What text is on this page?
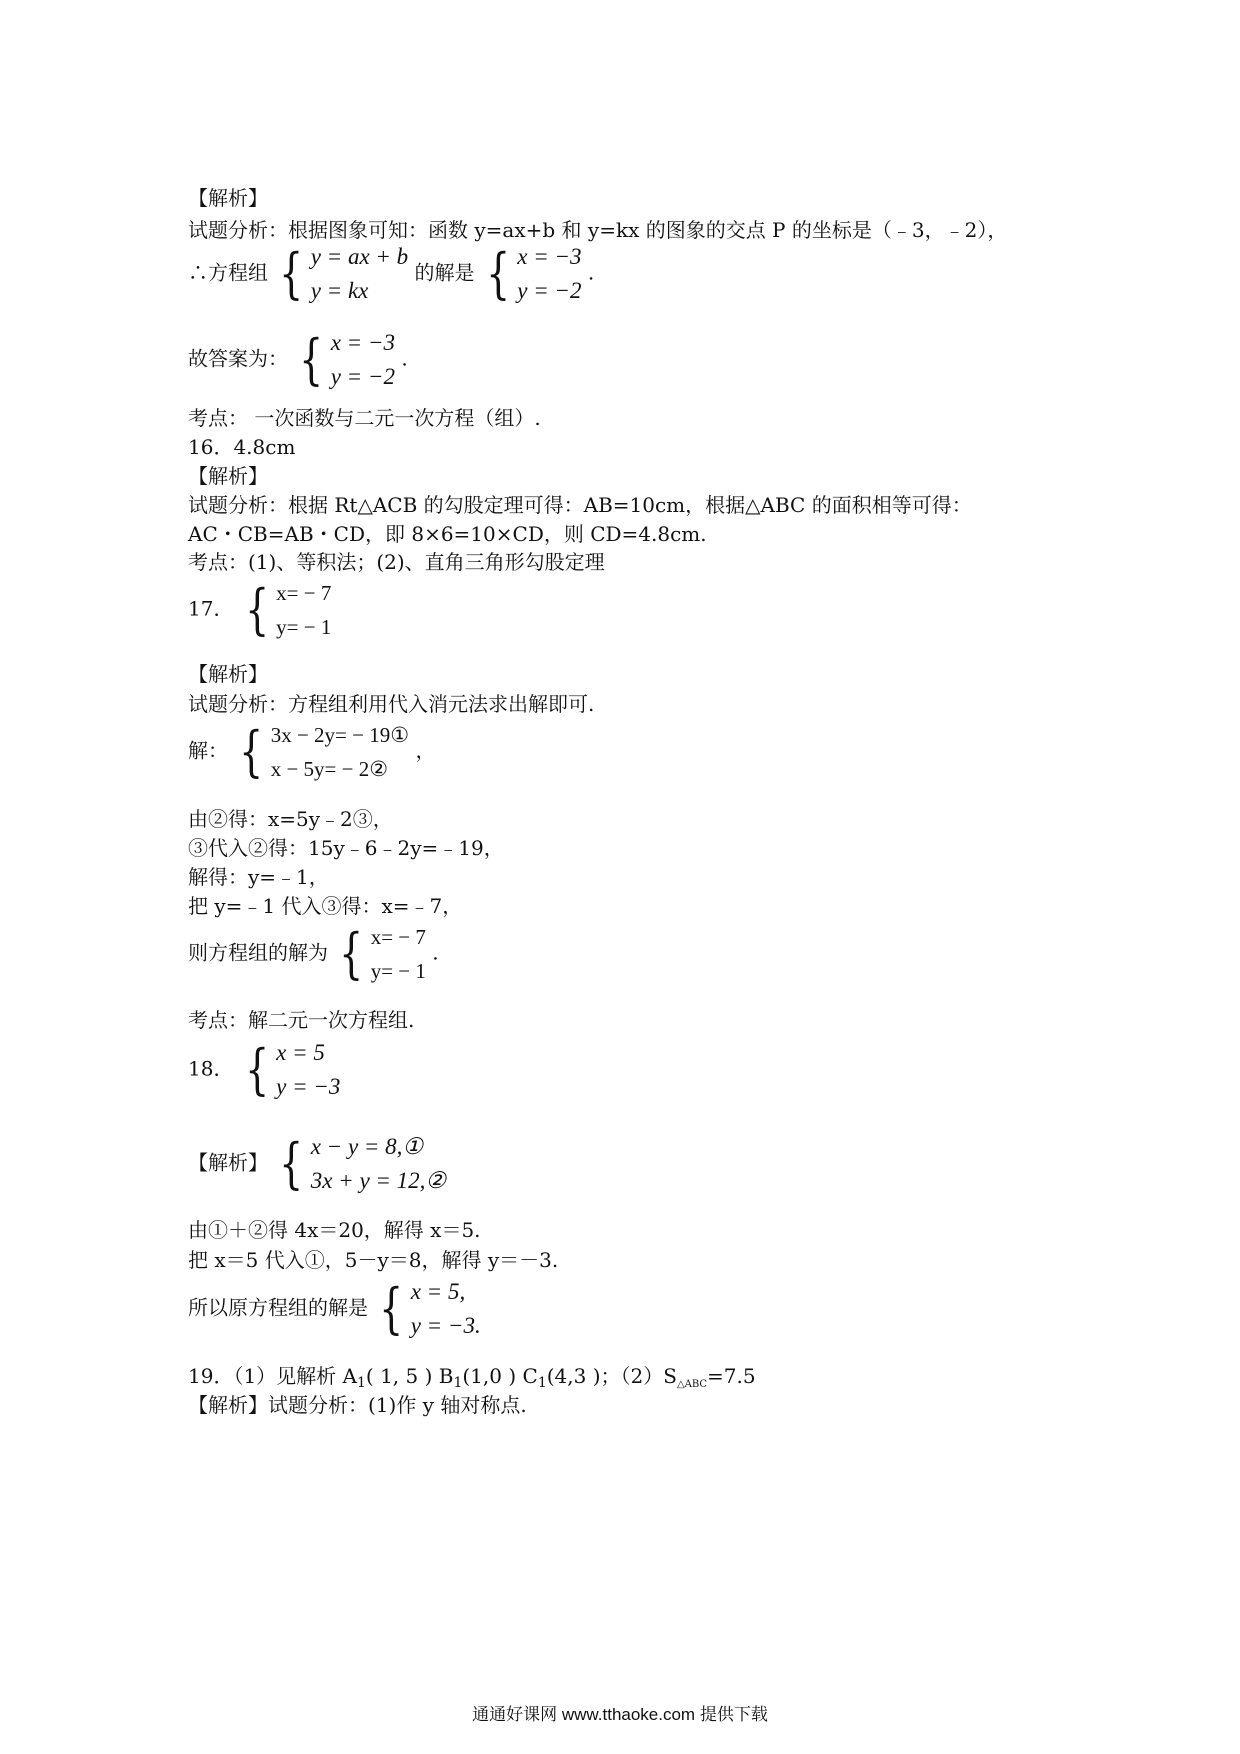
【解析】
试题分析：根据图象可知：函数 y=ax+b 和 y=kx 的图象的交点 P 的坐标是（﹣3，﹣2），
∴方程组 { y = ax + b
y = kx
的解是 { x = −3
y = −2
.
故答案为： { x = −3
y = −2
.
考点： 一次函数与二元一次方程（组）.
16．4.8cm
【解析】
试题分析：根据 Rt△ACB 的勾股定理可得：AB=10cm，根据△ABC 的面积相等可得：
AC・CB=AB・CD，即 8×6=10×CD，则 CD=4.8cm.
考点：(1)、等积法；(2)、直角三角形勾股定理
17． { x= − 7
y= − 1
【解析】
试题分析：方程组利用代入消元法求出解即可.
解： { 3x − 2y= − 19①
x − 5y= − 2②
，
由②得：x=5y﹣2③，
③代入②得：15y﹣6﹣2y=﹣19，
解得：y=﹣1，
把 y=﹣1 代入③得：x=﹣7，
则方程组的解为 { x= − 7
y= − 1
.
考点：解二元一次方程组.
18． { x = 5
y = −3
【解析】 { x − y = 8,①
3x + y = 12,②
由①＋②得 4x＝20，解得 x＝5.
把 x＝5 代入①，5－y＝8，解得 y＝－3.
所以原方程组的解是 { x = 5,
y = −3.
19．（1）见解析 $A_1$( 1, 5 ) $B_1(1,0$ ) $C_1(4,3$ )；$(2)S_{\triangle ABC}=7.5$
【解析】试题分析：(1)作 y 轴对称点.
通通好课网 www.tthaoke.com 提供下载
